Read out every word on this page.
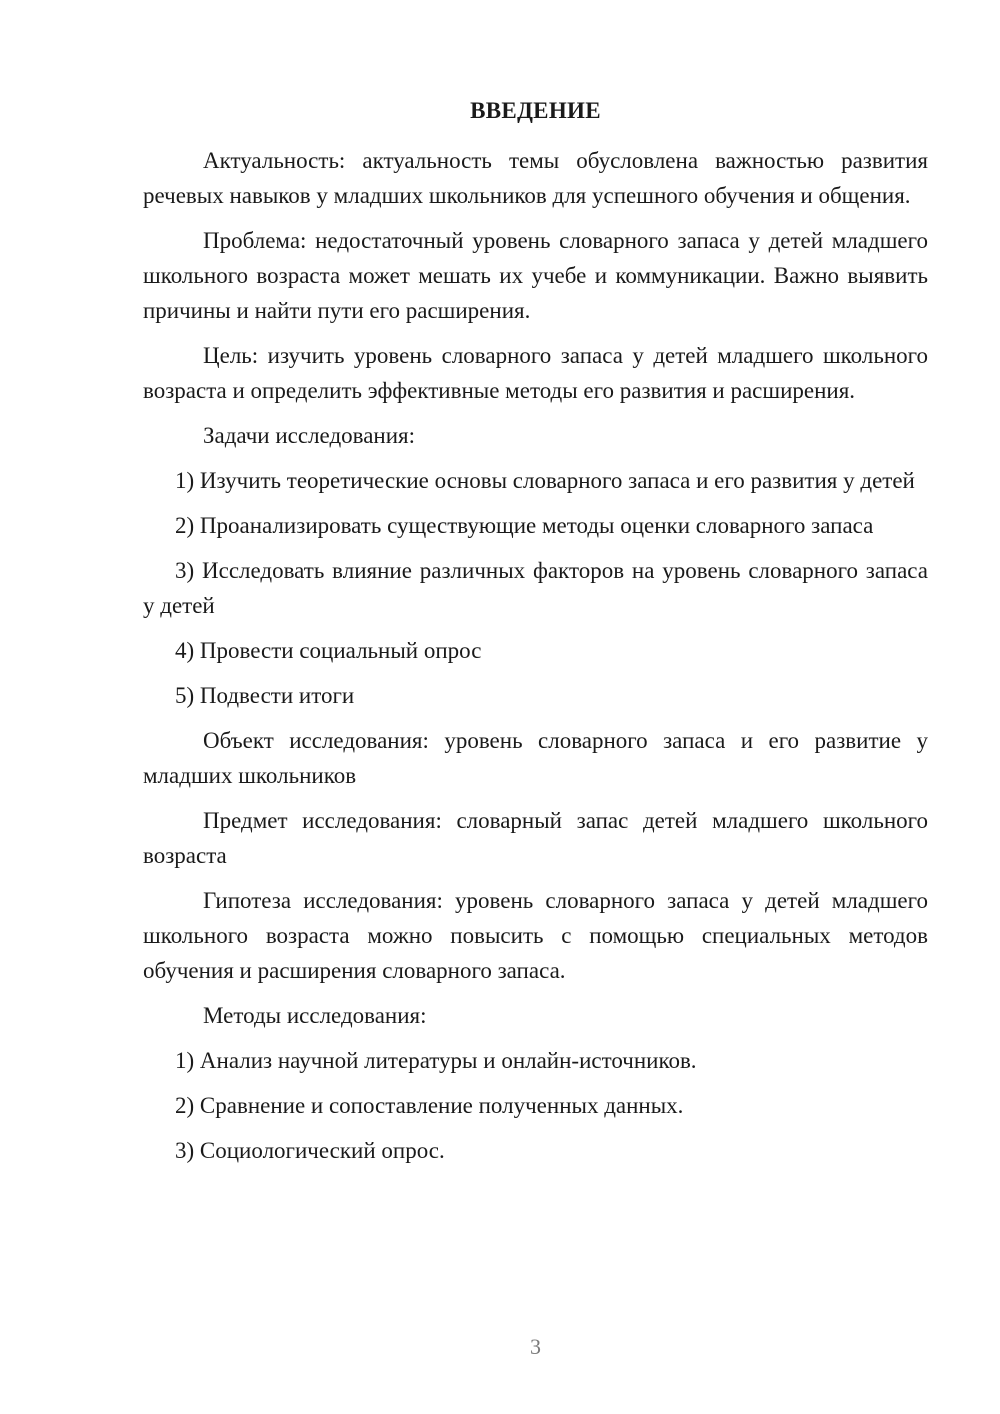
ВВЕДЕНИЕ

Актуальность: актуальность темы обусловлена важностью развития речевых навыков у младших школьников для успешного обучения и общения.

Проблема: недостаточный уровень словарного запаса у детей младшего школьного возраста может мешать их учебе и коммуникации. Важно выявить причины и найти пути его расширения.

Цель: изучить уровень словарного запаса у детей младшего школьного возраста и определить эффективные методы его развития и расширения.

Задачи исследования:

1) Изучить теоретические основы словарного запаса и его развития у детей

2) Проанализировать существующие методы оценки словарного запаса

3) Исследовать влияние различных факторов на уровень словарного запаса у детей

4) Провести социальный опрос

5) Подвести итоги

Объект исследования: уровень словарного запаса и его развитие у младших школьников

Предмет исследования: словарный запас детей младшего школьного возраста

Гипотеза исследования: уровень словарного запаса у детей младшего школьного возраста можно повысить с помощью специальных методов обучения и расширения словарного запаса.

Методы исследования:

1) Анализ научной литературы и онлайн-источников.

2) Сравнение и сопоставление полученных данных.

3) Социологический опрос.

3
